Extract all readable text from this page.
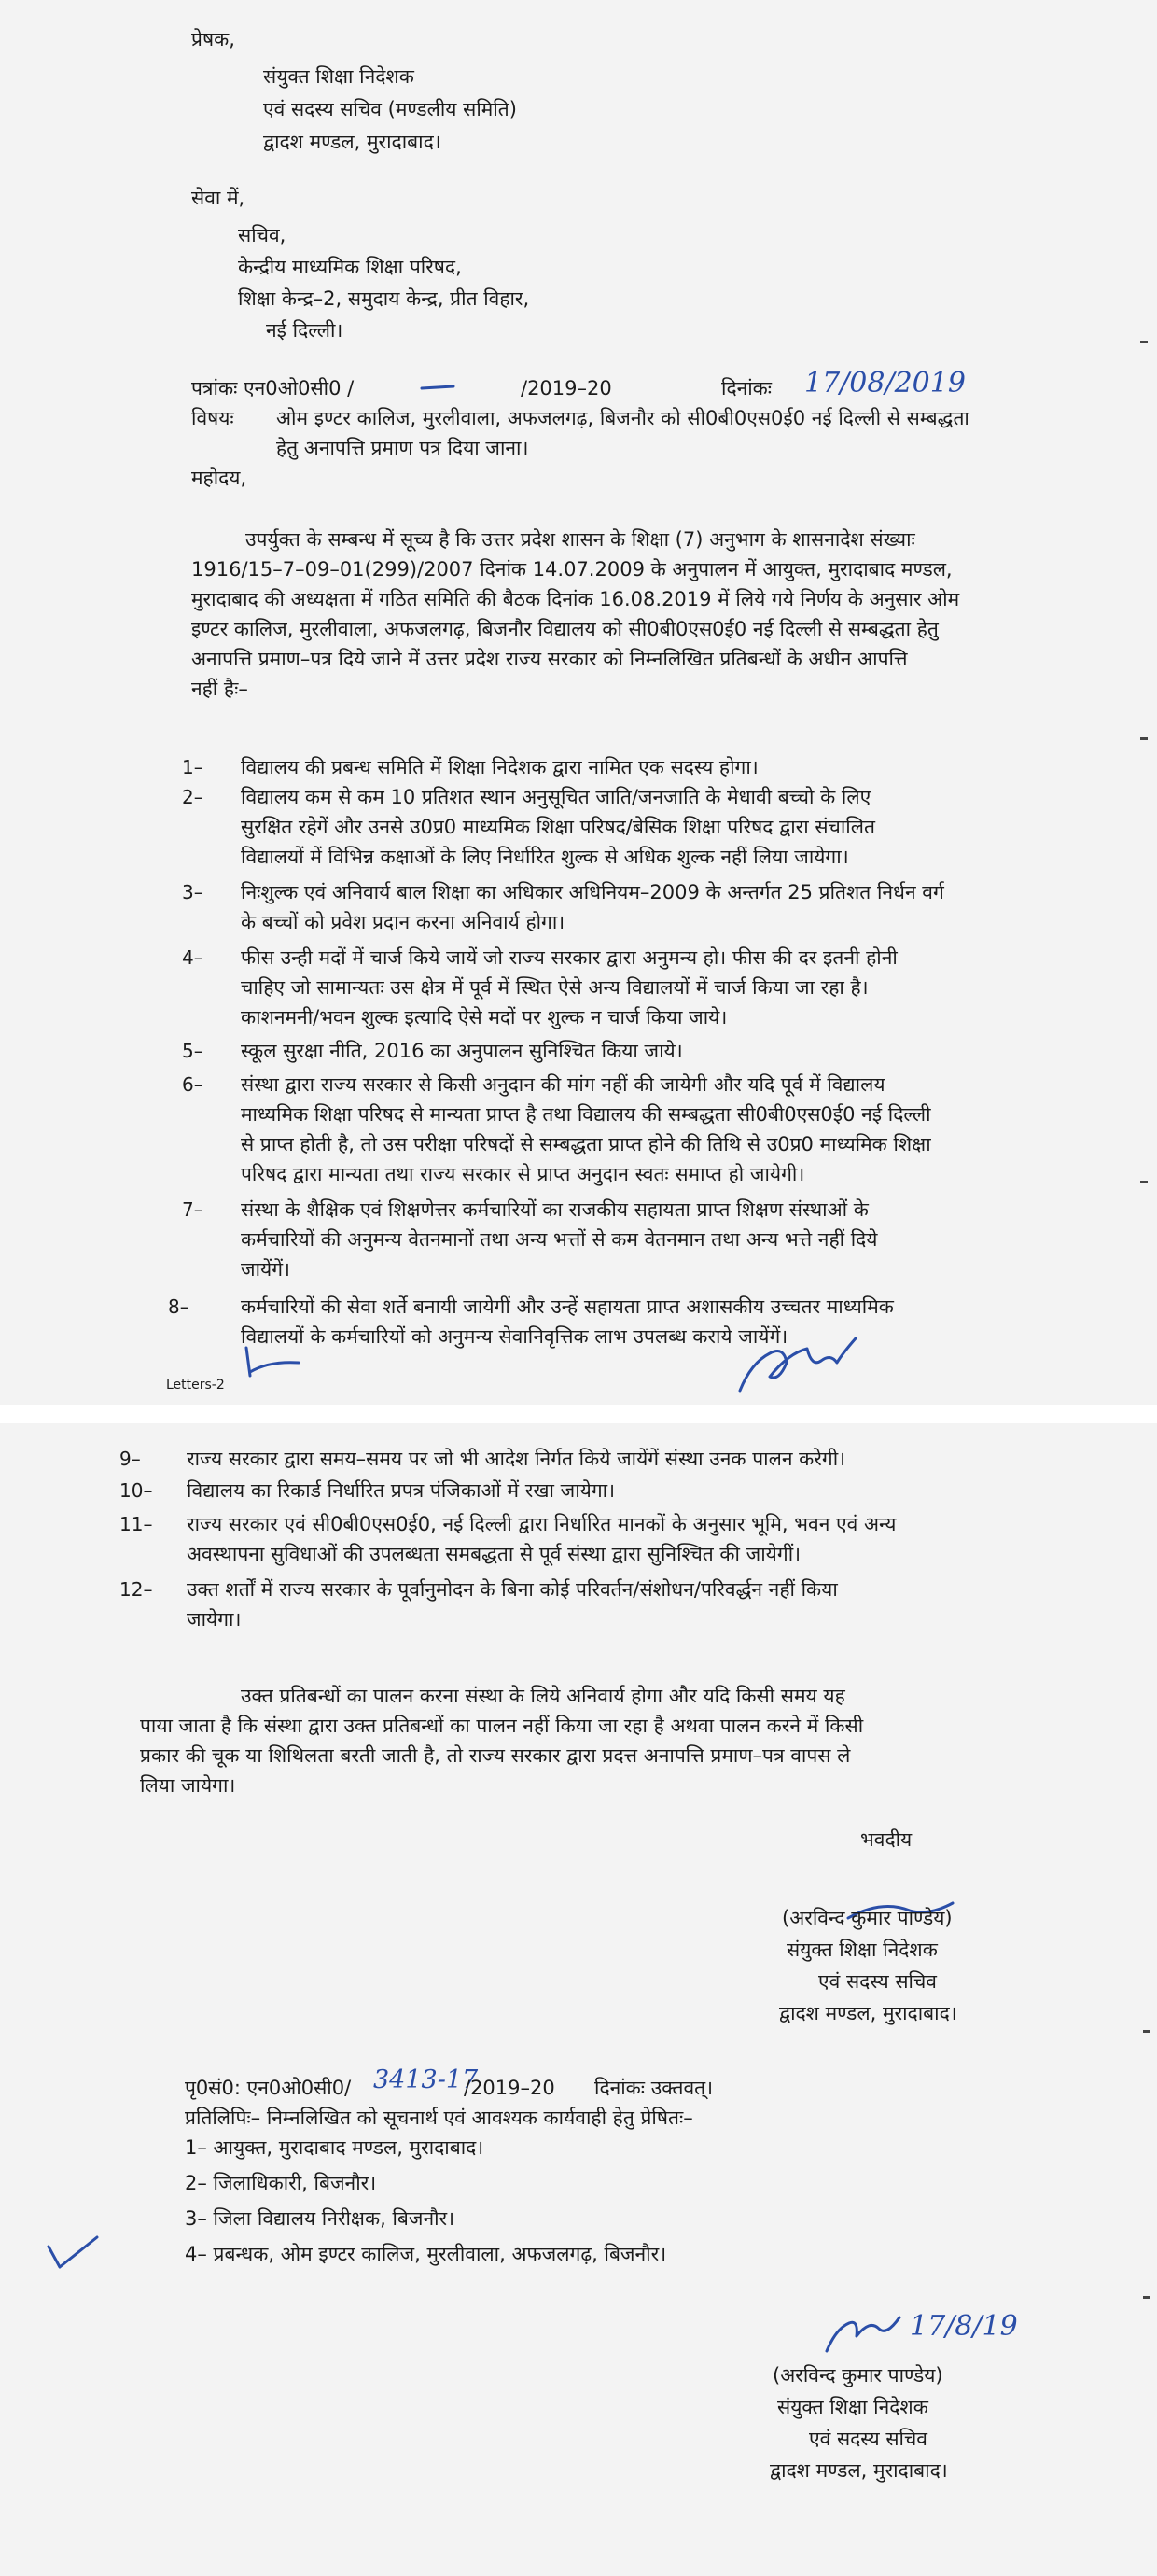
प्रेषक,
संयुक्त शिक्षा निदेशक
एवं सदस्य सचिव (मण्डलीय समिति)
द्वादश मण्डल, मुरादाबाद।
सेवा में,
सचिव,
केन्द्रीय माध्यमिक शिक्षा परिषद,
शिक्षा केन्द्र–2, समुदाय केन्द्र, प्रीत विहार,
नई दिल्ली।
पत्रांकः एन0ओ0सी0 /	/2019–20	दिनांकः 17/08/2019
विषयः ओम इण्टर कालिज, मुरलीवाला, अफजलगढ़, बिजनौर को सी0बी0एस0ई0 नई दिल्ली से सम्बद्धता
हेतु अनापत्ति प्रमाण पत्र दिया जाना।
महोदय,
उपर्युक्त के सम्बन्ध में सूच्य है कि उत्तर प्रदेश शासन के शिक्षा (7) अनुभाग के शासनादेश संख्याः
1916/15–7–09–01(299)/2007 दिनांक 14.07.2009 के अनुपालन में आयुक्त, मुरादाबाद मण्डल,
मुरादाबाद की अध्यक्षता में गठित समिति की बैठक दिनांक 16.08.2019 में लिये गये निर्णय के अनुसार ओम
इण्टर कालिज, मुरलीवाला, अफजलगढ़, बिजनौर विद्यालय को सी0बी0एस0ई0 नई दिल्ली से सम्बद्धता हेतु
अनापत्ति प्रमाण–पत्र दिये जाने में उत्तर प्रदेश राज्य सरकार को निम्नलिखित प्रतिबन्धों के अधीन आपत्ति
नहीं हैः–
1– विद्यालय की प्रबन्ध समिति में शिक्षा निदेशक द्वारा नामित एक सदस्य होगा।
2– विद्यालय कम से कम 10 प्रतिशत स्थान अनुसूचित जाति/जनजाति के मेधावी बच्चो के लिए
सुरक्षित रहेगें और उनसे उ0प्र0 माध्यमिक शिक्षा परिषद/बेसिक शिक्षा परिषद द्वारा संचालित
विद्यालयों में विभिन्न कक्षाओं के लिए निर्धारित शुल्क से अधिक शुल्क नहीं लिया जायेगा।
3– निःशुल्क एवं अनिवार्य बाल शिक्षा का अधिकार अधिनियम–2009 के अन्तर्गत 25 प्रतिशत निर्धन वर्ग
के बच्चों को प्रवेश प्रदान करना अनिवार्य होगा।
4– फीस उन्ही मदों में चार्ज किये जायें जो राज्य सरकार द्वारा अनुमन्य हो। फीस की दर इतनी होनी
चाहिए जो सामान्यतः उस क्षेत्र में पूर्व में स्थित ऐसे अन्य विद्यालयों में चार्ज किया जा रहा है।
काशनमनी/भवन शुल्क इत्यादि ऐसे मदों पर शुल्क न चार्ज किया जाये।
5– स्कूल सुरक्षा नीति, 2016 का अनुपालन सुनिश्चित किया जाये।
6– संस्था द्वारा राज्य सरकार से किसी अनुदान की मांग नहीं की जायेगी और यदि पूर्व में विद्यालय
माध्यमिक शिक्षा परिषद से मान्यता प्राप्त है तथा विद्यालय की सम्बद्धता सी0बी0एस0ई0 नई दिल्ली
से प्राप्त होती है, तो उस परीक्षा परिषदों से सम्बद्धता प्राप्त होने की तिथि से उ0प्र0 माध्यमिक शिक्षा
परिषद द्वारा मान्यता तथा राज्य सरकार से प्राप्त अनुदान स्वतः समाप्त हो जायेगी।
7– संस्था के शैक्षिक एवं शिक्षणेत्तर कर्मचारियों का राजकीय सहायता प्राप्त शिक्षण संस्थाओं के
कर्मचारियों की अनुमन्य वेतनमानों तथा अन्य भत्तों से कम वेतनमान तथा अन्य भत्ते नहीं दिये
जायेंगें।
8–	कर्मचारियों की सेवा शर्ते बनायी जायेगीं और उन्हें सहायता प्राप्त अशासकीय उच्चतर माध्यमिक
विद्यालयों के कर्मचारियों को अनुमन्य सेवानिवृत्तिक लाभ उपलब्ध कराये जायेंगें।
Letters-2
9– राज्य सरकार द्वारा समय–समय पर जो भी आदेश निर्गत किये जायेंगें संस्था उनक पालन करेगी।
10– विद्यालय का रिकार्ड निर्धारित प्रपत्र पंजिकाओं में रखा जायेगा।
11– राज्य सरकार एवं सी0बी0एस0ई0, नई दिल्ली द्वारा निर्धारित मानकों के अनुसार भूमि, भवन एवं अन्य
अवस्थापना सुविधाओं की उपलब्धता समबद्धता से पूर्व संस्था द्वारा सुनिश्चित की जायेगीं।
12– उक्त शर्तों में राज्य सरकार के पूर्वानुमोदन के बिना कोई परिवर्तन/संशोधन/परिवर्द्धन नहीं किया
जायेगा।
उक्त प्रतिबन्धों का पालन करना संस्था के लिये अनिवार्य होगा और यदि किसी समय यह
पाया जाता है कि संस्था द्वारा उक्त प्रतिबन्धों का पालन नहीं किया जा रहा है अथवा पालन करने में किसी
प्रकार की चूक या शिथिलता बरती जाती है, तो राज्य सरकार द्वारा प्रदत्त अनापत्ति प्रमाण–पत्र वापस ले
लिया जायेगा।
भवदीय
(अरविन्द कुमार पाण्डेय)
संयुक्त शिक्षा निदेशक
एवं सदस्य सचिव
द्वादश मण्डल, मुरादाबाद।
पृ0सं0: एन0ओ0सी0/ 3413-17
/2019–20 दिनांकः उक्तवत्।
प्रतिलिपिः– निम्नलिखित को सूचनार्थ एवं आवश्यक कार्यवाही हेतु प्रेषितः–
1– आयुक्त, मुरादाबाद मण्डल, मुरादाबाद।
2– जिलाधिकारी, बिजनौर।
3– जिला विद्यालय निरीक्षक, बिजनौर।
4– प्रबन्धक, ओम इण्टर कालिज, मुरलीवाला, अफजलगढ़, बिजनौर।
17/8/19
(अरविन्द कुमार पाण्डेय)
संयुक्त शिक्षा निदेशक
एवं सदस्य सचिव
द्वादश मण्डल, मुरादाबाद।
